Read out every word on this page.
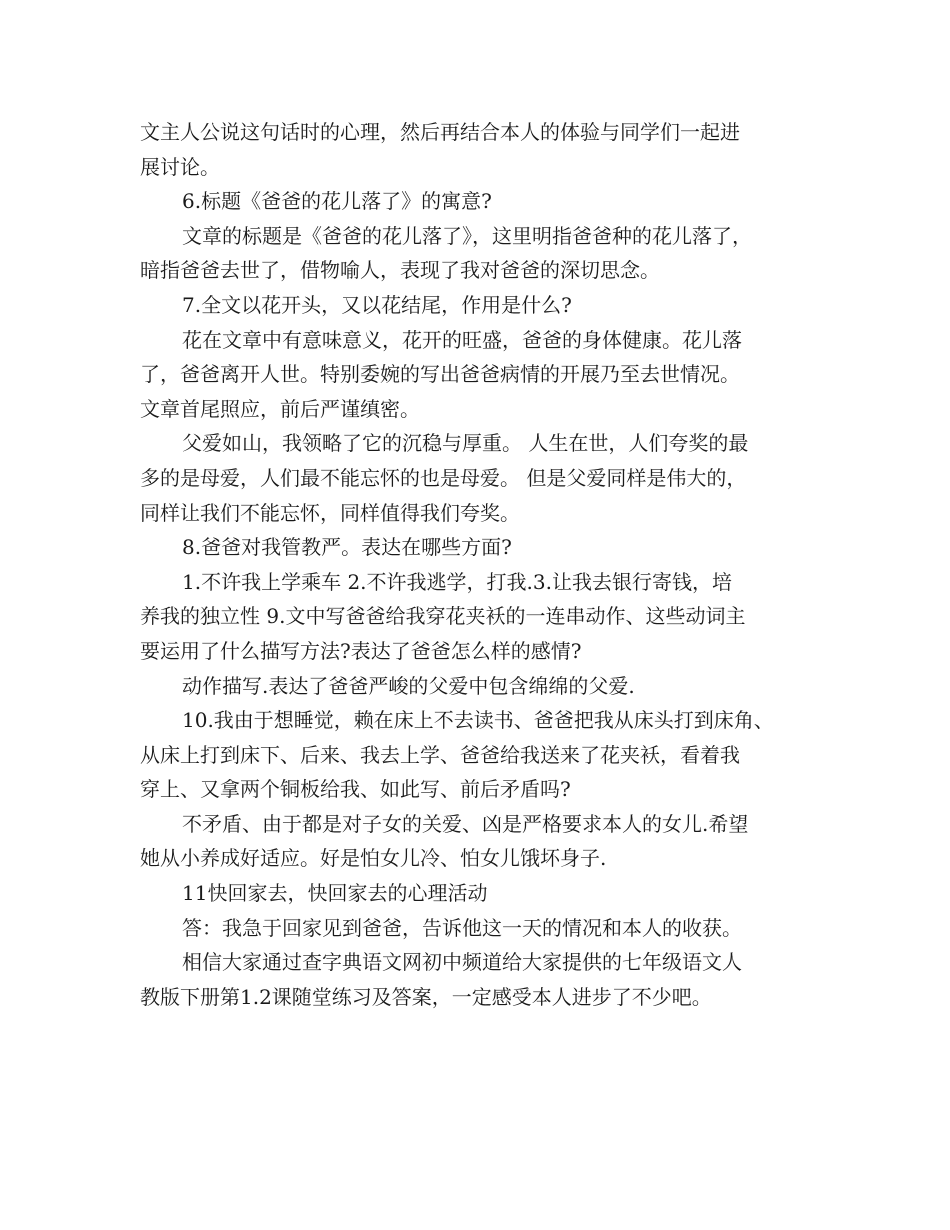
文主人公说这句话时的心理，然后再结合本人的体验与同学们一起进
展讨论。
6.标题《爸爸的花儿落了》的寓意?
文章的标题是《爸爸的花儿落了》，这里明指爸爸种的花儿落了，
暗指爸爸去世了，借物喻人，表现了我对爸爸的深切思念。
7.全文以花开头，又以花结尾，作用是什么?
花在文章中有意味意义，花开的旺盛，爸爸的身体健康。花儿落
了，爸爸离开人世。特别委婉的写出爸爸病情的开展乃至去世情况。
文章首尾照应，前后严谨缜密。
父爱如山，我领略了它的沉稳与厚重。 人生在世，人们夸奖的最
多的是母爱，人们最不能忘怀的也是母爱。 但是父爱同样是伟大的，
同样让我们不能忘怀，同样值得我们夸奖。
8.爸爸对我管教严。表达在哪些方面?
1.不许我上学乘车 2.不许我逃学，打我.3.让我去银行寄钱，培
养我的独立性 9.文中写爸爸给我穿花夹袄的一连串动作、这些动词主
要运用了什么描写方法?表达了爸爸怎么样的感情?
动作描写.表达了爸爸严峻的父爱中包含绵绵的父爱.
10.我由于想睡觉，赖在床上不去读书、爸爸把我从床头打到床角、
从床上打到床下、后来、我去上学、爸爸给我送来了花夹袄，看着我
穿上、又拿两个铜板给我、如此写、前后矛盾吗?
不矛盾、由于都是对子女的关爱、凶是严格要求本人的女儿.希望
她从小养成好适应。好是怕女儿冷、怕女儿饿坏身子.
11快回家去，快回家去的心理活动
答：我急于回家见到爸爸，告诉他这一天的情况和本人的收获。
相信大家通过查字典语文网初中频道给大家提供的七年级语文人
教版下册第1.2课随堂练习及答案，一定感受本人进步了不少吧。
